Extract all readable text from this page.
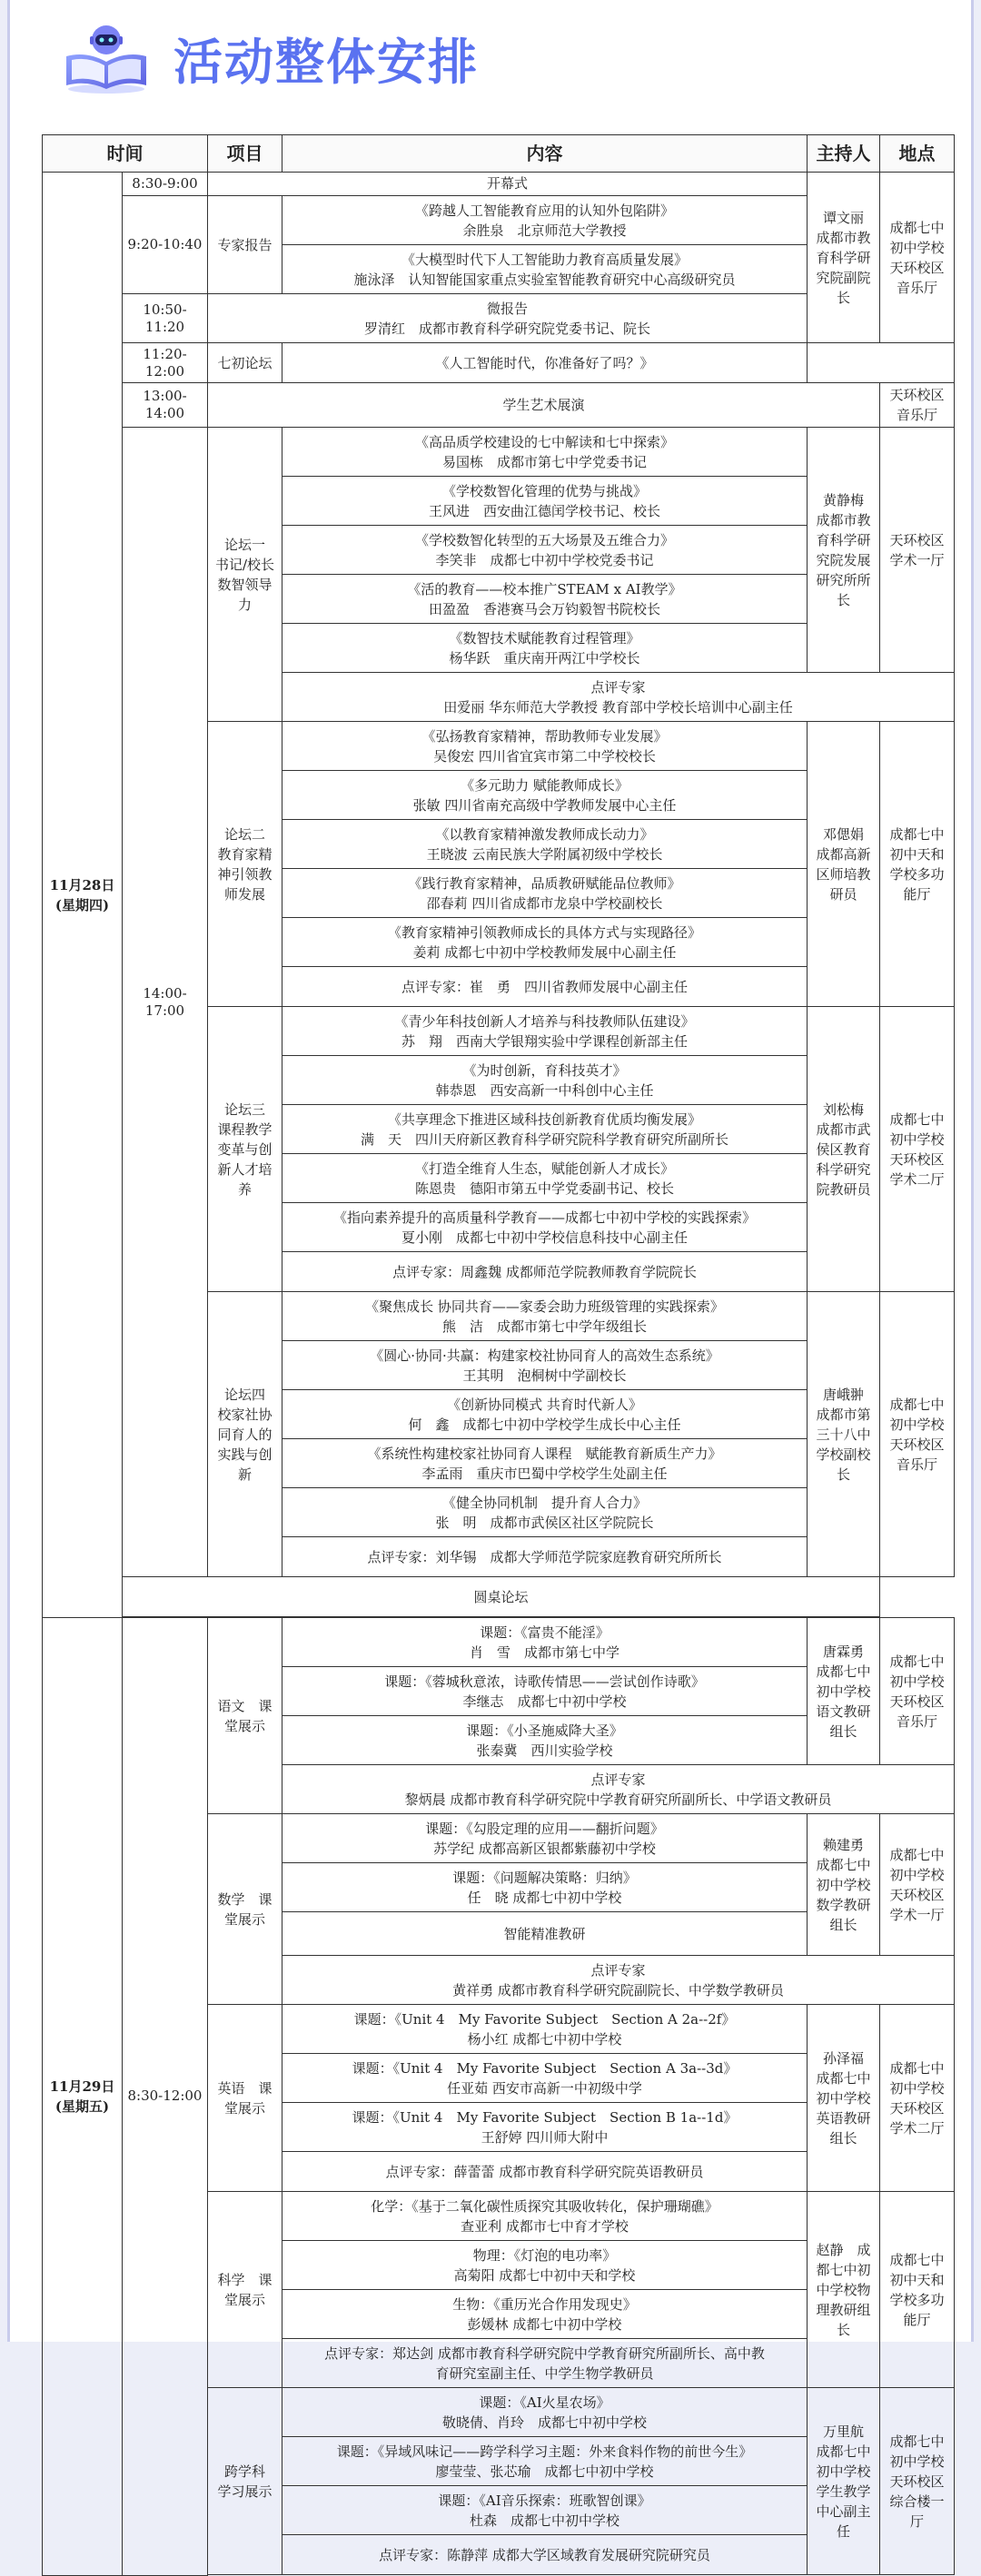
活动整体安排
时间		项目	内容	主持人	地点

11月28日
(星期四)	8:30-9:00	开幕式		谭文丽　成都市教育科学研究院副院长	成都七中初中学校天环校区音乐厅
	9:20-10:40	专家报告	《跨越人工智能教育应用的认知外包陷阱》
余胜泉　北京师范大学教授		

			《大模型时代下人工智能助力教育高质量发展》
施泳泽　认知智能国家重点实验室智能教育研究中心高级研究员		

	10:50-11:20	微报告
罗清红　成都市教育科学研究院党委书记、院长			

	11:20-12:00	七初论坛	《人工智能时代，你准备好了吗？》		
	13:00-14:00	学生艺术展演			天环校区音乐厅
	14:00-17:00	论坛一　书记/校长数智领导力	《高品质学校建设的七中解读和七中探索》
易国栋　成都市第七中学党委书记	黄静梅　成都市教育科学研究院发展研究所所长	天环校区学术一厅

			《学校数智化管理的优势与挑战》
王风进　西安曲江德闰学校书记、校长		

			《学校数智化转型的五大场景及五维合力》
李笑非　成都七中初中学校党委书记		

			《活的教育——校本推广STEAM x AI教学》
田盈盈　香港赛马会万钧毅智书院校长		

			《数智技术赋能教育过程管理》
杨华跃　重庆南开两江中学校长		

			点评专家
田爱丽 华东师范大学教授 教育部中学校长培训中心副主任		

		论坛二　教育家精神引领教师发展	《弘扬教育家精神，帮助教师专业发展》
吴俊宏 四川省宜宾市第二中学校校长	邓偲娟　成都高新区师培教研员	成都七中初中天和学校多功能厅

			《多元助力 赋能教师成长》
张敏 四川省南充高级中学教师发展中心主任		

			《以教育家精神激发教师成长动力》
王晓波 云南民族大学附属初级中学校长		

			《践行教育家精神，品质教研赋能品位教师》
邵春莉 四川省成都市龙泉中学校副校长		

			《教育家精神引领教师成长的具体方式与实现路径》
姜莉 成都七中初中学校教师发展中心副主任		

			点评专家：崔　勇　四川省教师发展中心副主任		
		论坛三　课程教学变革与创新人才培养	《青少年科技创新人才培养与科技教师队伍建设》
苏　翔　西南大学银翔实验中学课程创新部主任	刘松梅　成都市武侯区教育科学研究院教研员	成都七中初中学校天环校区学术二厅

			《为时创新，育科技英才》
韩恭恩　西安高新一中科创中心主任		

			《共享理念下推进区域科技创新教育优质均衡发展》
满　天　四川天府新区教育科学研究院科学教育研究所副所长		

			《打造全维育人生态，赋能创新人才成长》
陈恩贵　德阳市第五中学党委副书记、校长		

			《指向素养提升的高质量科学教育——成都七中初中学校的实践探索》
夏小刚　成都七中初中学校信息科技中心副主任		

			点评专家：周鑫魏 成都师范学院教师教育学院院长		
		论坛四　校家社协同育人的实践与创新	《聚焦成长 协同共育——家委会助力班级管理的实践探索》
熊　洁　成都市第七中学年级组长	唐峨翀　成都市第三十八中学校副校长	成都七中初中学校天环校区音乐厅

			《圆心·协同·共赢：构建家校社协同育人的高效生态系统》
王其明　泡桐树中学副校长		

			《创新协同模式 共育时代新人》
何　鑫　成都七中初中学校学生成长中心主任		

			《系统性构建校家社协同育人课程　赋能教育新质生产力》
李孟雨　重庆市巴蜀中学校学生处副主任		

			《健全协同机制　提升育人合力》
张　明　成都市武侯区社区学院院长		

			点评专家：刘华锡　成都大学师范学院家庭教育研究所所长		
	圆桌论坛				

11月29日
(星期五)	8:30-12:00	语文　课堂展示	课题：《富贵不能淫》
肖　雪　成都市第七中学	唐霖勇　成都七中初中学校语文教研组长	成都七中初中学校天环校区音乐厅

			课题：《蓉城秋意浓，诗歌传情思——尝试创作诗歌》
李继志　成都七中初中学校		

			课题：《小圣施威降大圣》
张秦冀　西川实验学校		

			点评专家
黎炳晨 成都市教育科学研究院中学教育研究所副所长、中学语文教研员		

		数学　课堂展示	课题：《勾股定理的应用——翻折问题》
苏学纪 成都高新区银都紫藤初中学校	赖建勇　成都七中初中学校数学教研组长	成都七中初中学校天环校区学术一厅

			课题：《问题解决策略：归纳》
任　晓 成都七中初中学校		

			智能精准教研		

			点评专家
黄祥勇 成都市教育科学研究院副院长、中学数学教研员		

		英语　课堂展示	课题：《Unit 4　My Favorite Subject　Section A 2a--2f》
杨小红 成都七中初中学校	孙泽福　成都七中初中学校英语教研组长	成都七中初中学校天环校区学术二厅

			课题：《Unit 4　My Favorite Subject　Section A 3a--3d》
任亚茹 西安市高新一中初级中学		

			课题：《Unit 4　My Favorite Subject　Section B 1a--1d》
王舒婷 四川师大附中		

			点评专家：薛蕾蕾 成都市教育科学研究院英语教研员		
		科学　课堂展示	化学：《基于二氧化碳性质探究其吸收转化，保护珊瑚礁》
查亚利 成都市七中育才学校	赵静　成都七中初中学校物理教研组长	成都七中初中天和学校多功能厅

			物理：《灯泡的电功率》
高菊阳 成都七中初中天和学校		

			生物：《重历光合作用发现史》
彭媛林 成都七中初中学校		

			点评专家：郑达剑 成都市教育科学研究院中学教育研究所副所长、高中教
育研究室副主任、中学生物学教研员		

		跨学科　学习展示	课题：《AI火星农场》
敬晓倩、肖玲　成都七中初中学校	万里航　成都七中初中学校学生教学中心副主任	成都七中初中学校天环校区综合楼一厅

			课题：《异域风味记——跨学科学习主题：外来食料作物的前世今生》
廖莹莹、张芯瑜　成都七中初中学校		

			课题：《AI音乐探索：班歌智创课》
杜森　成都七中初中学校		

			点评专家：陈静萍 成都大学区域教育发展研究院研究员		
